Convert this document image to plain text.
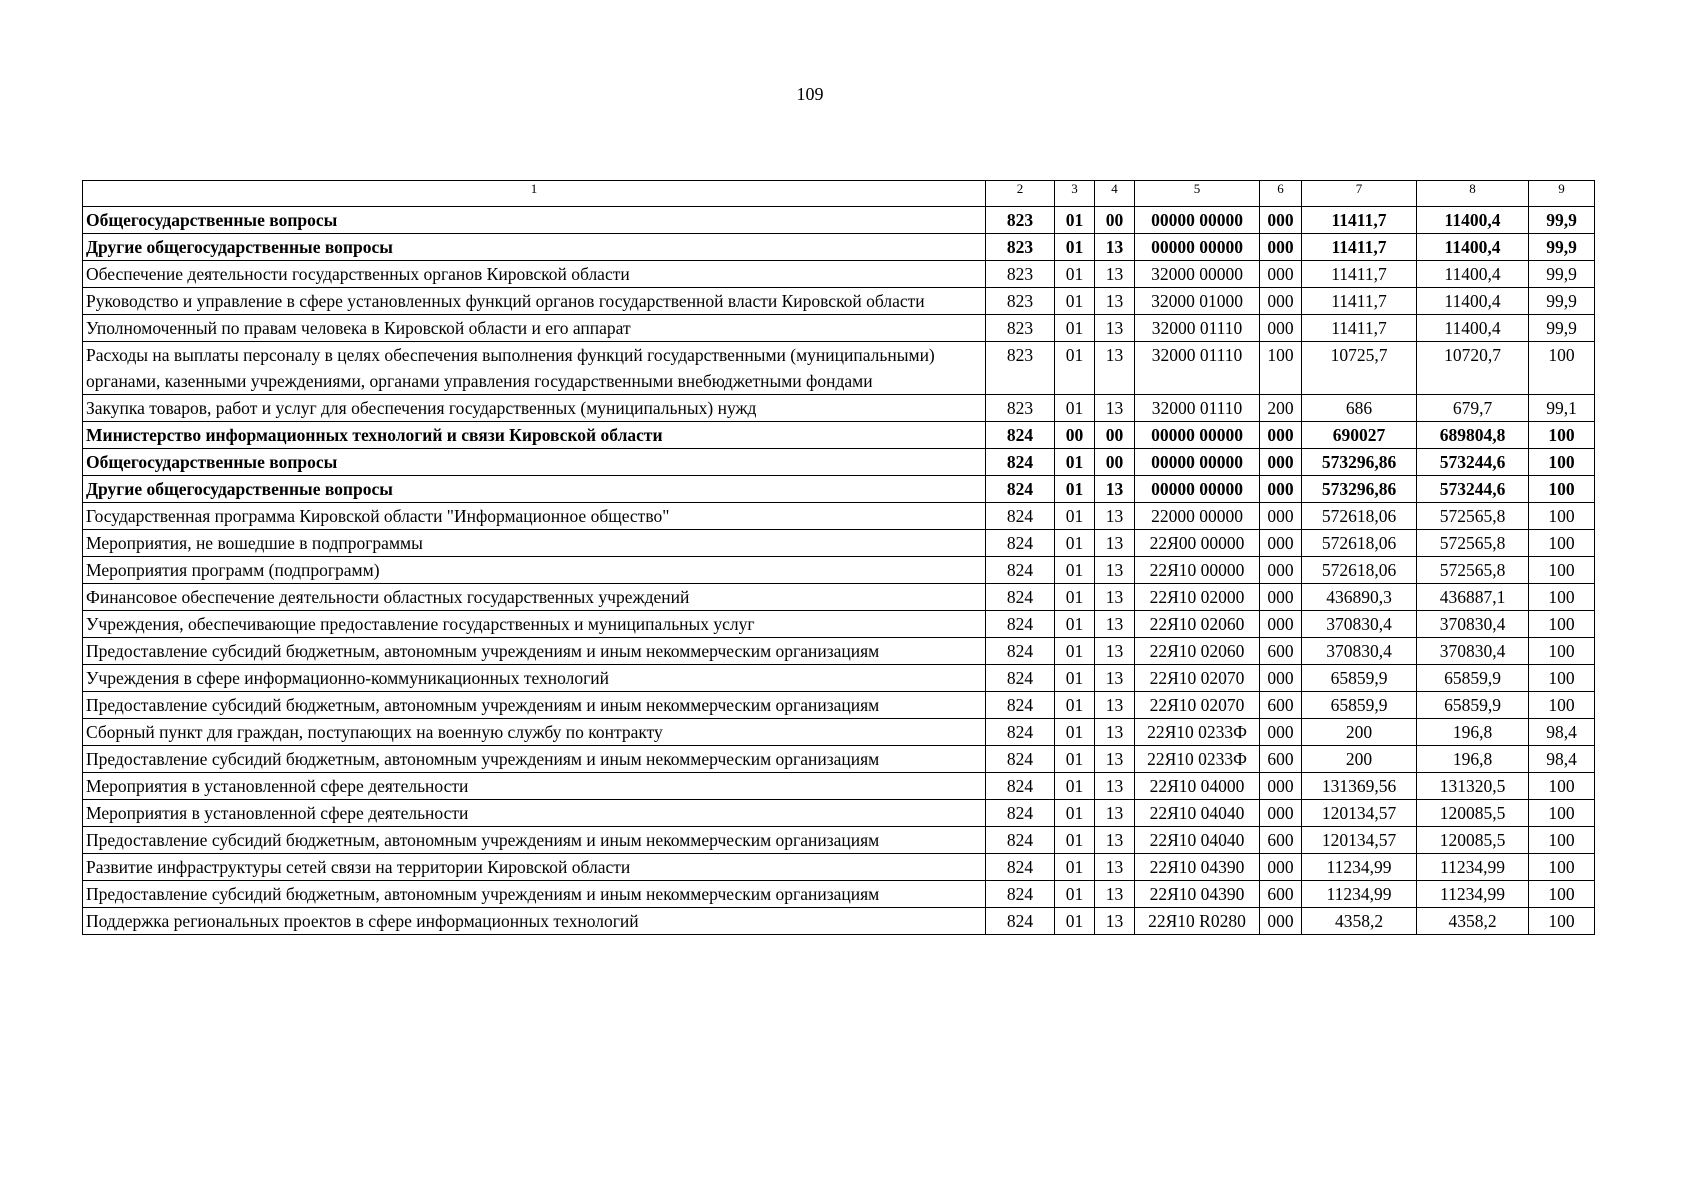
109
1	2	3	4	5	6	7	8	9
Общегосударственные вопросы	823	01	00	00000 00000	000	11411,7	11400,4	99,9
Другие общегосударственные вопросы	823	01	13	00000 00000	000	11411,7	11400,4	99,9
Обеспечение деятельности государственных органов Кировской области	823	01	13	32000 00000	000	11411,7	11400,4	99,9
Руководство и управление в сфере установленных функций органов государственной власти Кировской области	823	01	13	32000 01000	000	11411,7	11400,4	99,9
Уполномоченный по правам человека в Кировской области и его аппарат	823	01	13	32000 01110	000	11411,7	11400,4	99,9
Расходы на выплаты персоналу в целях обеспечения выполнения функций государственными (муниципальными) органами, казенными учреждениями, органами управления государственными внебюджетными фондами	823	01	13	32000 01110	100	10725,7	10720,7	100
Закупка товаров, работ и услуг для обеспечения государственных (муниципальных) нужд	823	01	13	32000 01110	200	686	679,7	99,1
Министерство информационных технологий и связи Кировской области	824	00	00	00000 00000	000	690027	689804,8	100
Общегосударственные вопросы	824	01	00	00000 00000	000	573296,86	573244,6	100
Другие общегосударственные вопросы	824	01	13	00000 00000	000	573296,86	573244,6	100
Государственная программа Кировской области "Информационное общество"	824	01	13	22000 00000	000	572618,06	572565,8	100
Мероприятия, не вошедшие в подпрограммы	824	01	13	22Я00 00000	000	572618,06	572565,8	100
Мероприятия программ (подпрограмм)	824	01	13	22Я10 00000	000	572618,06	572565,8	100
Финансовое обеспечение деятельности областных государственных учреждений	824	01	13	22Я10 02000	000	436890,3	436887,1	100
Учреждения, обеспечивающие предоставление государственных и муниципальных услуг	824	01	13	22Я10 02060	000	370830,4	370830,4	100
Предоставление субсидий бюджетным, автономным учреждениям и иным некоммерческим организациям	824	01	13	22Я10 02060	600	370830,4	370830,4	100
Учреждения в сфере информационно-коммуникационных технологий	824	01	13	22Я10 02070	000	65859,9	65859,9	100
Предоставление субсидий бюджетным, автономным учреждениям и иным некоммерческим организациям	824	01	13	22Я10 02070	600	65859,9	65859,9	100
Сборный пункт для граждан, поступающих на военную службу по контракту	824	01	13	22Я10 0233Ф	000	200	196,8	98,4
Предоставление субсидий бюджетным, автономным учреждениям и иным некоммерческим организациям	824	01	13	22Я10 0233Ф	600	200	196,8	98,4
Мероприятия в установленной сфере деятельности	824	01	13	22Я10 04000	000	131369,56	131320,5	100
Мероприятия в установленной сфере деятельности	824	01	13	22Я10 04040	000	120134,57	120085,5	100
Предоставление субсидий бюджетным, автономным учреждениям и иным некоммерческим организациям	824	01	13	22Я10 04040	600	120134,57	120085,5	100
Развитие инфраструктуры сетей связи на территории Кировской области	824	01	13	22Я10 04390	000	11234,99	11234,99	100
Предоставление субсидий бюджетным, автономным учреждениям и иным некоммерческим организациям	824	01	13	22Я10 04390	600	11234,99	11234,99	100
Поддержка региональных проектов в сфере информационных технологий	824	01	13	22Я10 R0280	000	4358,2	4358,2	100
